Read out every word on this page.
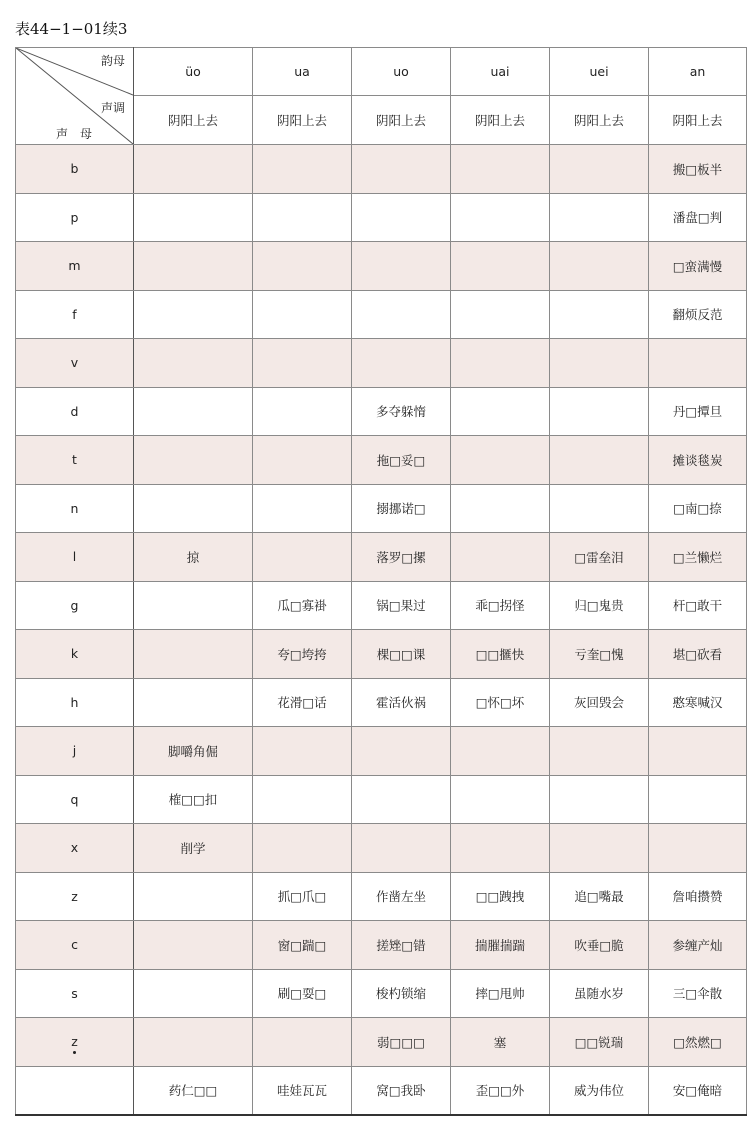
表44−1−01续3
韵母
声调
声母	üo	ua	uo	uai	uei	an
	阴阳上去	阴阳上去	阴阳上去	阴阳上去	阴阳上去	阴阳上去
b						搬□板半
p						潘盘□判
m						□蛮满慢
f						翻烦反范
v						
d			多夺躲惰			丹□撢旦
t			拖□妥□			摊谈毯炭
n			搦挪诺□			□南□捺
l	掠		落罗□摞		□雷垒泪	□兰懒烂
g		瓜□寡褂	锅□果过	乖□拐怪	归□鬼贵	杆□敢干
k		夸□垮挎	棵□□课	□□擓快	亏奎□愧	堪□砍看
h		花滑□话	霍活伙祸	□怀□坏	灰回毁会	憨寒喊汉
j	脚嚼角倔					
q	榷□□扣					
x	削学					
z		抓□爪□	作凿左坐	□□跩拽	追□嘴最	詹咱攒赞
c		窗□踹□	搓矬□错	揣膗揣踹	吹垂□脆	参缠产灿
s		刷□耍□	梭杓锁缩	摔□甩帅	虽随水岁	三□伞散
z			弱□□□	塞	□□锐瑞	□然燃□
	药仁□□	哇娃瓦瓦	窝□我卧	歪□□外	威为伟位	安□俺暗
